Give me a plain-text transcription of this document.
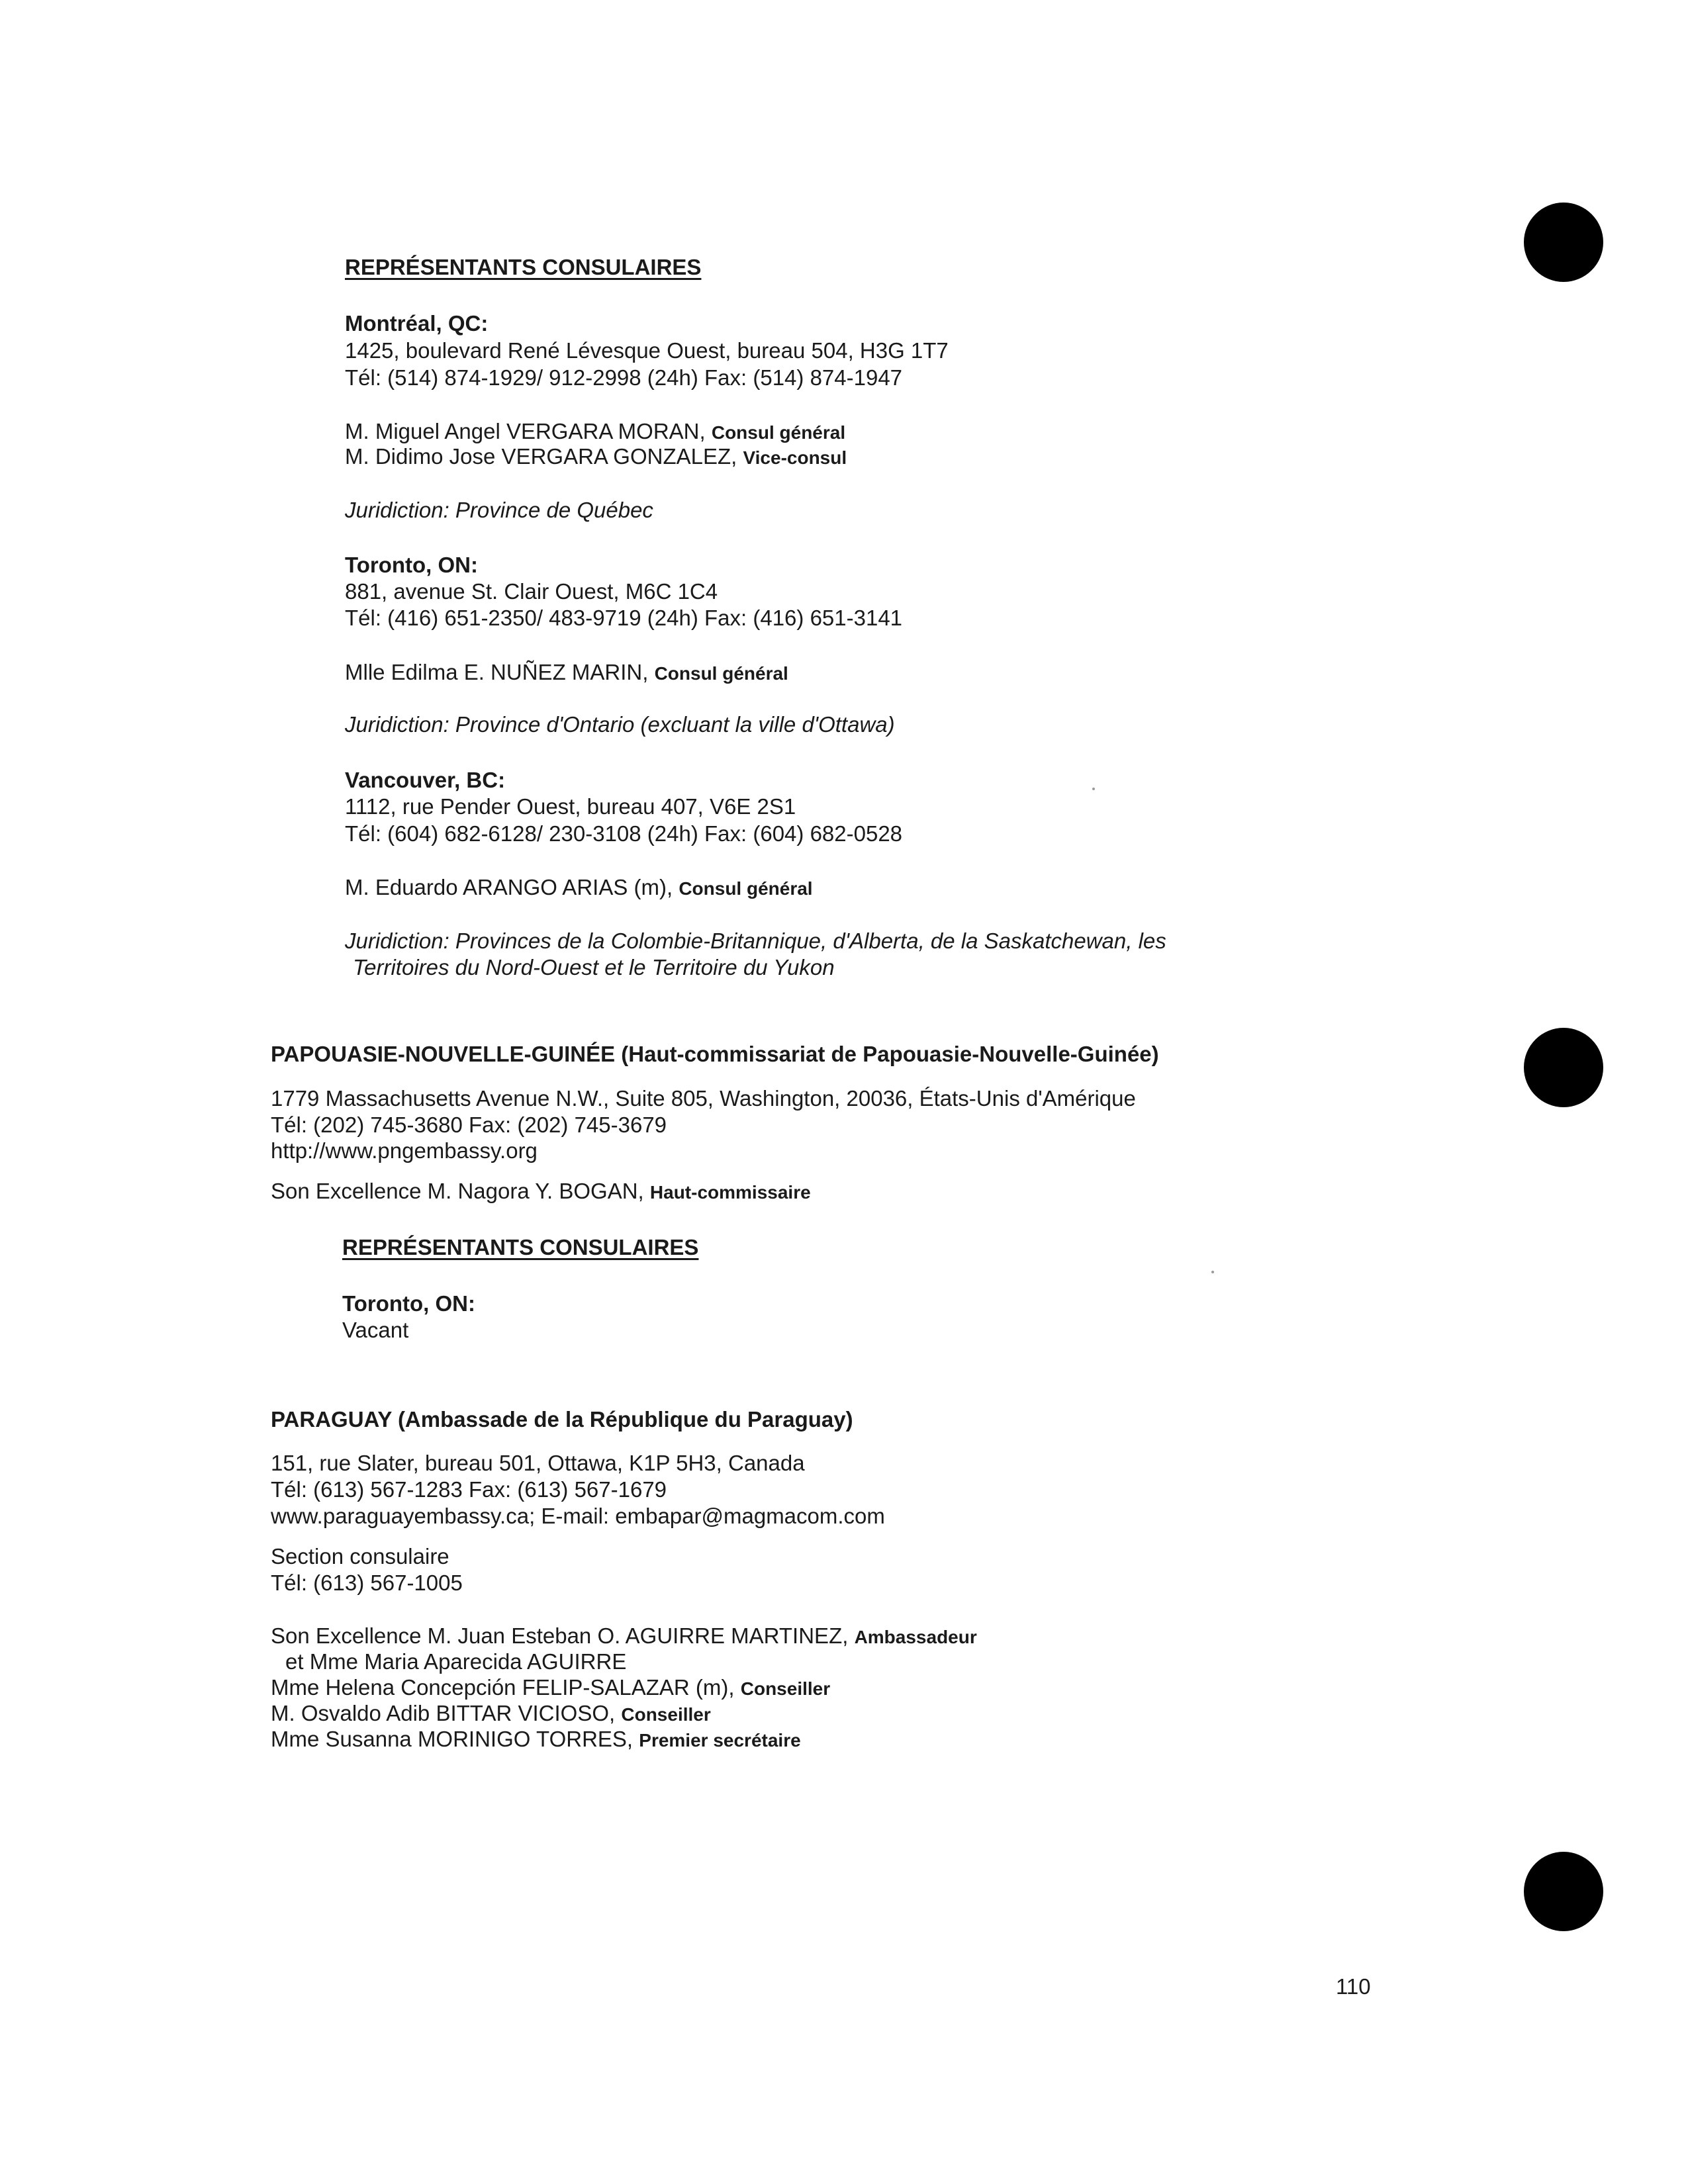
REPRÉSENTANTS CONSULAIRES
Montréal, QC:
1425, boulevard René Lévesque Ouest, bureau 504, H3G 1T7
Tél: (514) 874-1929/ 912-2998 (24h) Fax: (514) 874-1947
M. Miguel Angel VERGARA MORAN, Consul général
M. Didimo Jose VERGARA GONZALEZ, Vice-consul
Juridiction: Province de Québec
Toronto, ON:
881, avenue St. Clair Ouest, M6C 1C4
Tél: (416) 651-2350/ 483-9719 (24h) Fax: (416) 651-3141
Mlle Edilma E. NUÑEZ MARIN, Consul général
Juridiction: Province d'Ontario (excluant la ville d'Ottawa)
Vancouver, BC:
1112, rue Pender Ouest, bureau 407, V6E 2S1
Tél: (604) 682-6128/ 230-3108 (24h) Fax: (604) 682-0528
M. Eduardo ARANGO ARIAS (m), Consul général
Juridiction: Provinces de la Colombie-Britannique, d'Alberta, de la Saskatchewan, les
Territoires du Nord-Ouest et le Territoire du Yukon
PAPOUASIE-NOUVELLE-GUINÉE (Haut-commissariat de Papouasie-Nouvelle-Guinée)
1779 Massachusetts Avenue N.W., Suite 805, Washington, 20036, États-Unis d'Amérique
Tél: (202) 745-3680 Fax: (202) 745-3679
http://www.pngembassy.org
Son Excellence M. Nagora Y. BOGAN, Haut-commissaire
REPRÉSENTANTS CONSULAIRES
Toronto, ON:
Vacant
PARAGUAY (Ambassade de la République du Paraguay)
151, rue Slater, bureau 501, Ottawa, K1P 5H3, Canada
Tél: (613) 567-1283 Fax: (613) 567-1679
www.paraguayembassy.ca; E-mail: embapar@magmacom.com
Section consulaire
Tél: (613) 567-1005
Son Excellence M. Juan Esteban O. AGUIRRE MARTINEZ, Ambassadeur
et Mme Maria Aparecida AGUIRRE
Mme Helena Concepción FELIP-SALAZAR (m), Conseiller
M. Osvaldo Adib BITTAR VICIOSO, Conseiller
Mme Susanna MORINIGO TORRES, Premier secrétaire
110
